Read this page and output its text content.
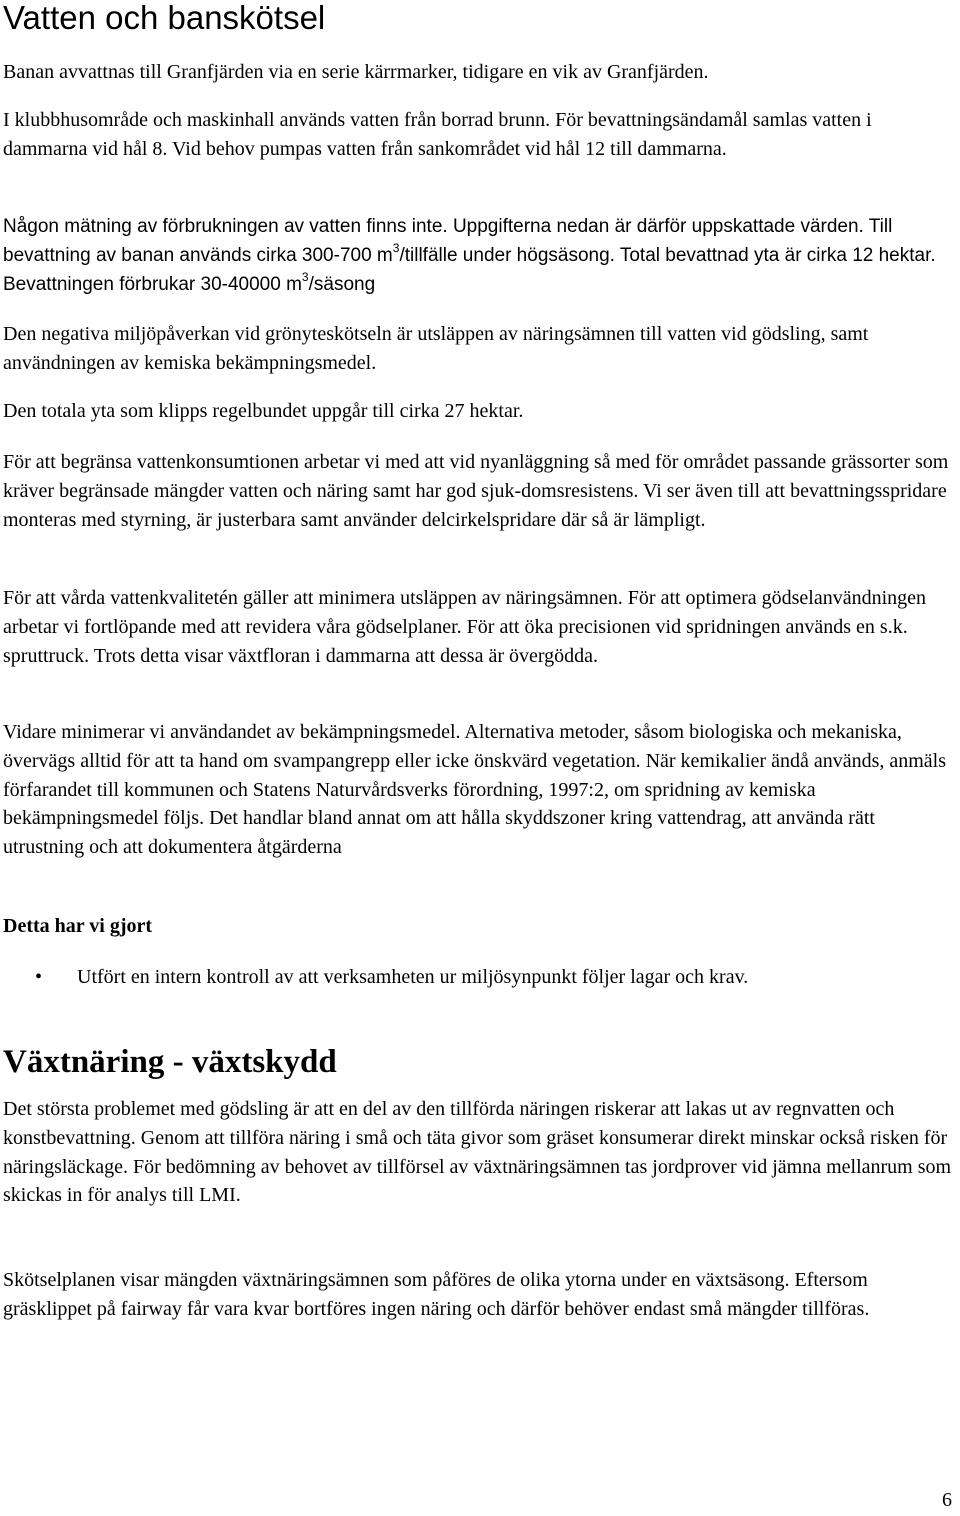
Vatten och banskötsel

Banan avvattnas till Granfjärden via en serie kärrmarker, tidigare en vik av Granfjärden.

I klubbhusområde och maskinhall används vatten från borrad brunn. För bevattningsändamål samlas vatten i dammarna vid hål 8. Vid behov pumpas vatten från sankområdet vid hål 12 till dammarna.

Någon mätning av förbrukningen av vatten finns inte. Uppgifterna nedan är därför uppskattade värden. Till bevattning av banan används cirka 300-700 $m^3$/tillfälle under högsäsong. Total bevattnad yta är cirka 12 hektar. Bevattningen förbrukar 30-40000 $m^3$/säsong

Den negativa miljöpåverkan vid grönyteskötseln är utsläppen av näringsämnen till vatten vid gödsling, samt användningen av kemiska bekämpningsmedel.

Den totala yta som klipps regelbundet uppgår till cirka 27 hektar.

För att begränsa vattenkonsumtionen arbetar vi med att vid nyanläggning så med för området passande grässorter som kräver begränsade mängder vatten och näring samt har god sjuk-domsresistens. Vi ser även till att bevattningsspridare monteras med styrning, är justerbara samt använder delcirkelspridare där så är lämpligt.

För att vårda vattenkvalitetén gäller att minimera utsläppen av näringsämnen. För att optimera gödselanvändningen arbetar vi fortlöpande med att revidera våra gödselplaner. För att öka precisionen vid spridningen används en s.k. spruttruck. Trots detta visar växtfloran i dammarna att dessa är övergödda.

Vidare minimerar vi användandet av bekämpningsmedel. Alternativa metoder, såsom biologiska och mekaniska, övervägs alltid för att ta hand om svampangrepp eller icke önskvärd vegetation. När kemikalier ändå används, anmäls förfarandet till kommunen och Statens Naturvårdsverks förordning, 1997:2, om spridning av kemiska bekämpningsmedel följs. Det handlar bland annat om att hålla skyddszoner kring vattendrag, att använda rätt utrustning och att dokumentera åtgärderna

Detta har vi gjort

• Utfört en intern kontroll av att verksamheten ur miljösynpunkt följer lagar och krav.
Växtnäring - växtskydd

Det största problemet med gödsling är att en del av den tillförda näringen riskerar att lakas ut av regnvatten och konstbevattning. Genom att tillföra näring i små och täta givor som gräset konsumerar direkt minskar också risken för näringsläckage. För bedömning av behovet av tillförsel av växtnäringsämnen tas jordprover vid jämna mellanrum som skickas in för analys till LMI.

Skötselplanen visar mängden växtnäringsämnen som påföres de olika ytorna under en växtsäsong. Eftersom gräsklippet på fairway får vara kvar bortföres ingen näring och därför behöver endast små mängder tillföras.

6
